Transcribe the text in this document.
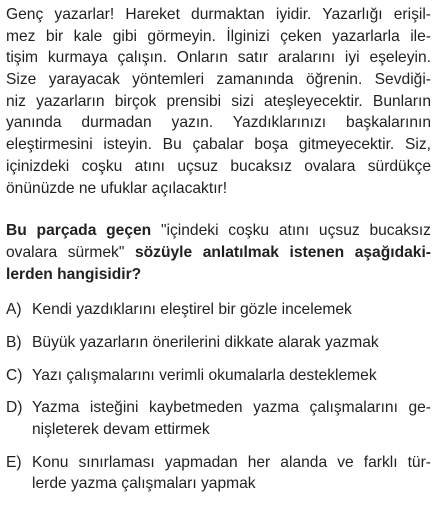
Genç yazarlar! Hareket durmaktan iyidir. Yazarlığı erişil-
mez bir kale gibi görmeyin. İlginizi çeken yazarlarla ile-
tişim kurmaya çalışın. Onların satır aralarını iyi eşeleyin.
Size yarayacak yöntemleri zamanında öğrenin. Sevdiği-
niz yazarların birçok prensibi sizi ateşleyecektir. Bunların
yanında durmadan yazın. Yazdıklarınızı başkalarının
eleştirmesini isteyin. Bu çabalar boşa gitmeyecektir. Siz,
içinizdeki coşku atını uçsuz bucaksız ovalara sürdükçe
önünüzde ne ufuklar açılacaktır!
Bu parçada geçen "içindeki coşku atını uçsuz bucaksız
ovalara sürmek" sözüyle anlatılmak istenen aşağıdaki-
lerden hangisidir?
A) Kendi yazdıklarını eleştirel bir gözle incelemek
B) Büyük yazarların önerilerini dikkate alarak yazmak
C) Yazı çalışmalarını verimli okumalarla desteklemek
D) Yazma isteğini kaybetmeden yazma çalışmalarını ge-
nişleterek devam ettirmek
E) Konu sınırlaması yapmadan her alanda ve farklı tür-
lerde yazma çalışmaları yapmak
